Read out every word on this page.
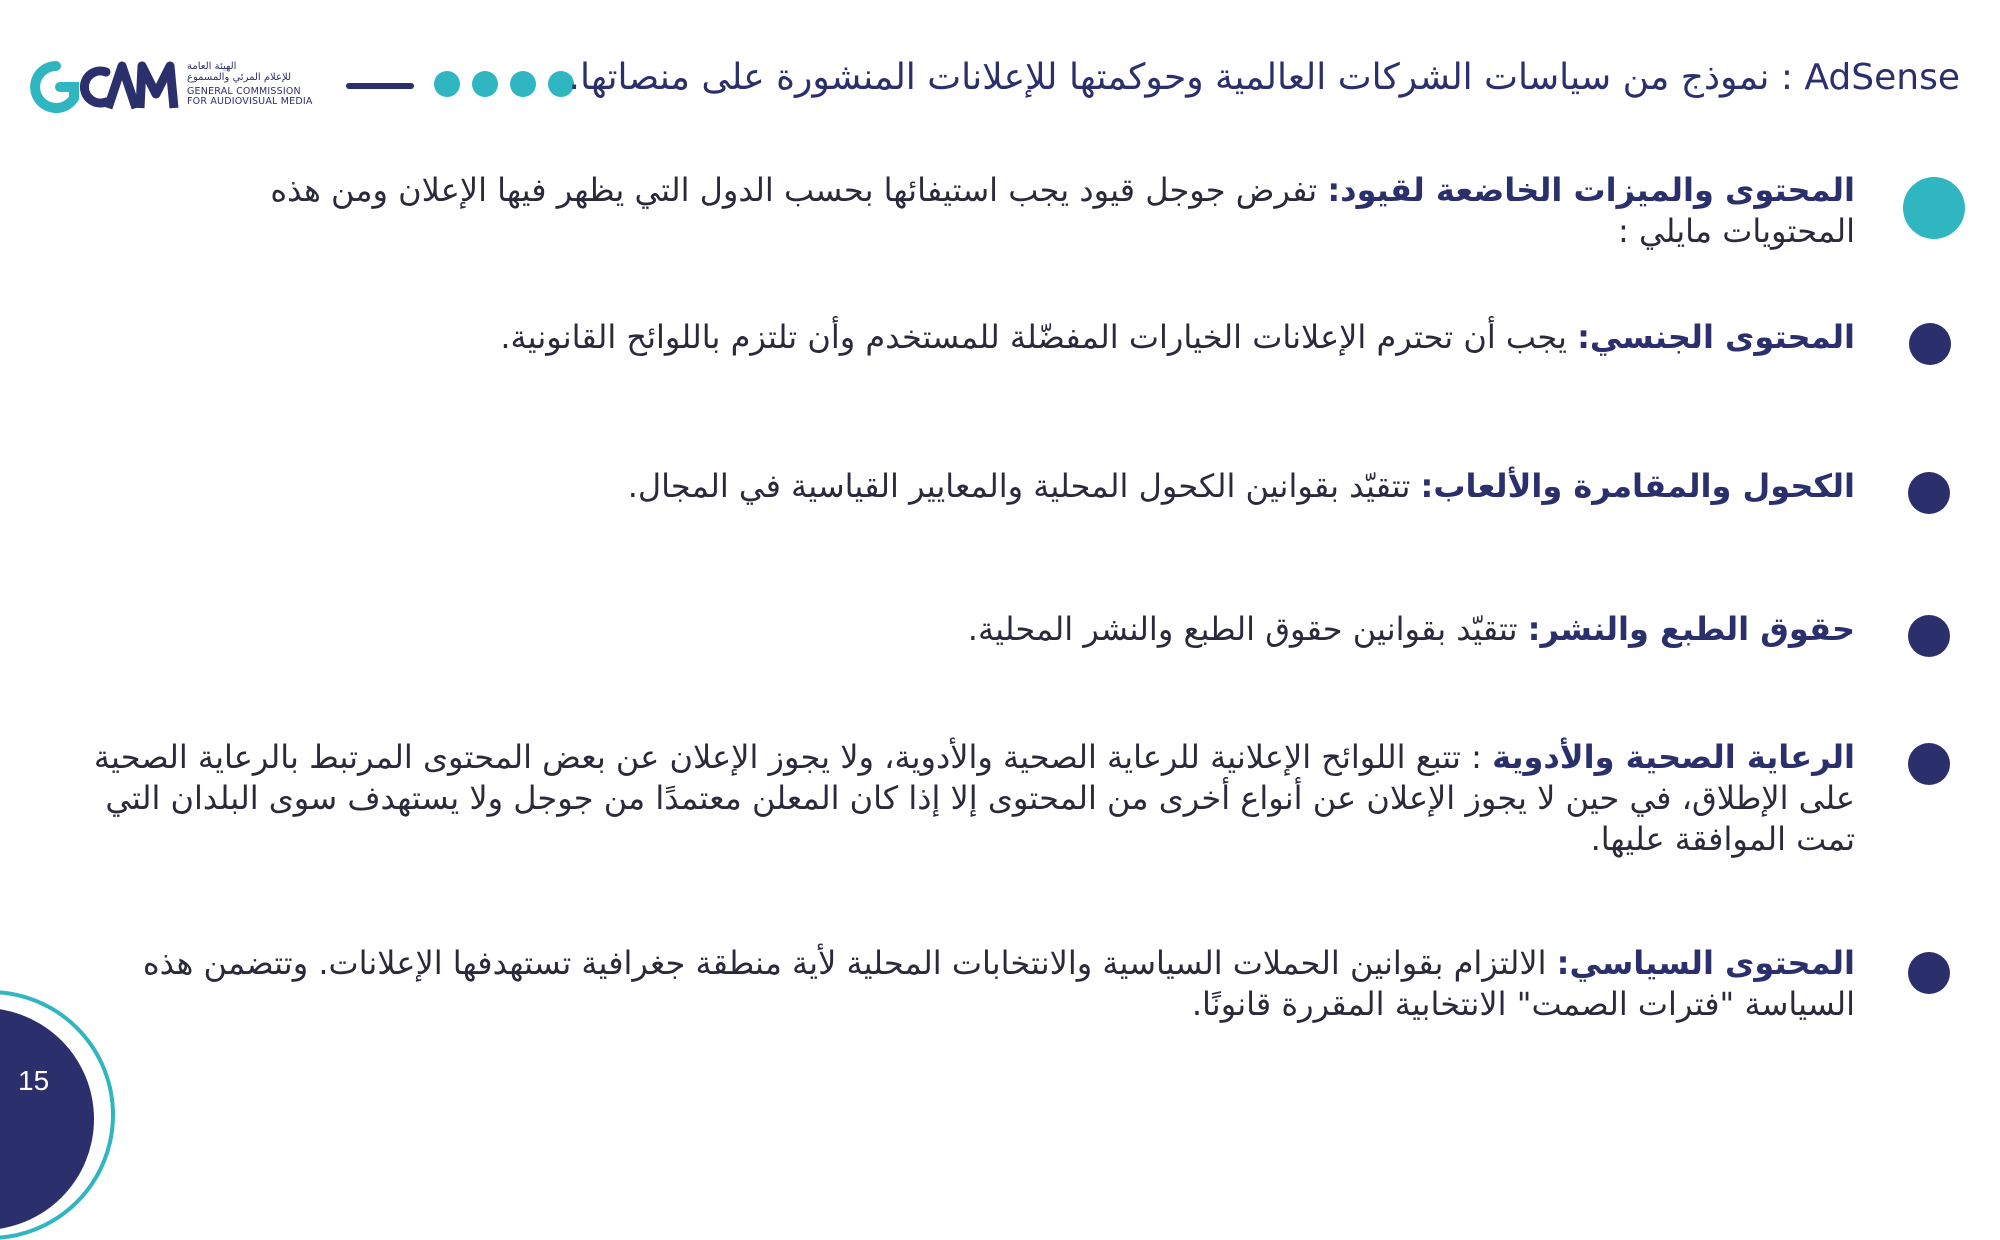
الهيئة العامة
للإعلام المرئي والمسموع
GENERAL COMMISSION
FOR AUDIOVISUAL MEDIA
AdSense : نموذج من سياسات الشركات العالمية وحوكمتها للإعلانات المنشورة على منصاتها.
المحتوى والميزات الخاضعة لقيود: تفرض جوجل قيود يجب استيفائها بحسب الدول التي يظهر فيها الإعلان ومن هذه المحتويات مايلي :
المحتوى الجنسي: يجب أن تحترم الإعلانات الخيارات المفضّلة للمستخدم وأن تلتزم باللوائح القانونية.
الكحول والمقامرة والألعاب: تتقيّد بقوانين الكحول المحلية والمعايير القياسية في المجال.
حقوق الطبع والنشر: تتقيّد بقوانين حقوق الطبع والنشر المحلية.
الرعاية الصحية والأدوية : تتبع اللوائح الإعلانية للرعاية الصحية والأدوية، ولا يجوز الإعلان عن بعض المحتوى المرتبط بالرعاية الصحية على الإطلاق، في حين لا يجوز الإعلان عن أنواع أخرى من المحتوى إلا إذا كان المعلن معتمدًا من جوجل ولا يستهدف سوى البلدان التي تمت الموافقة عليها.
المحتوى السياسي: الالتزام بقوانين الحملات السياسية والانتخابات المحلية لأية منطقة جغرافية تستهدفها الإعلانات. وتتضمن هذه السياسة "فترات الصمت" الانتخابية المقررة قانونًا.
15
